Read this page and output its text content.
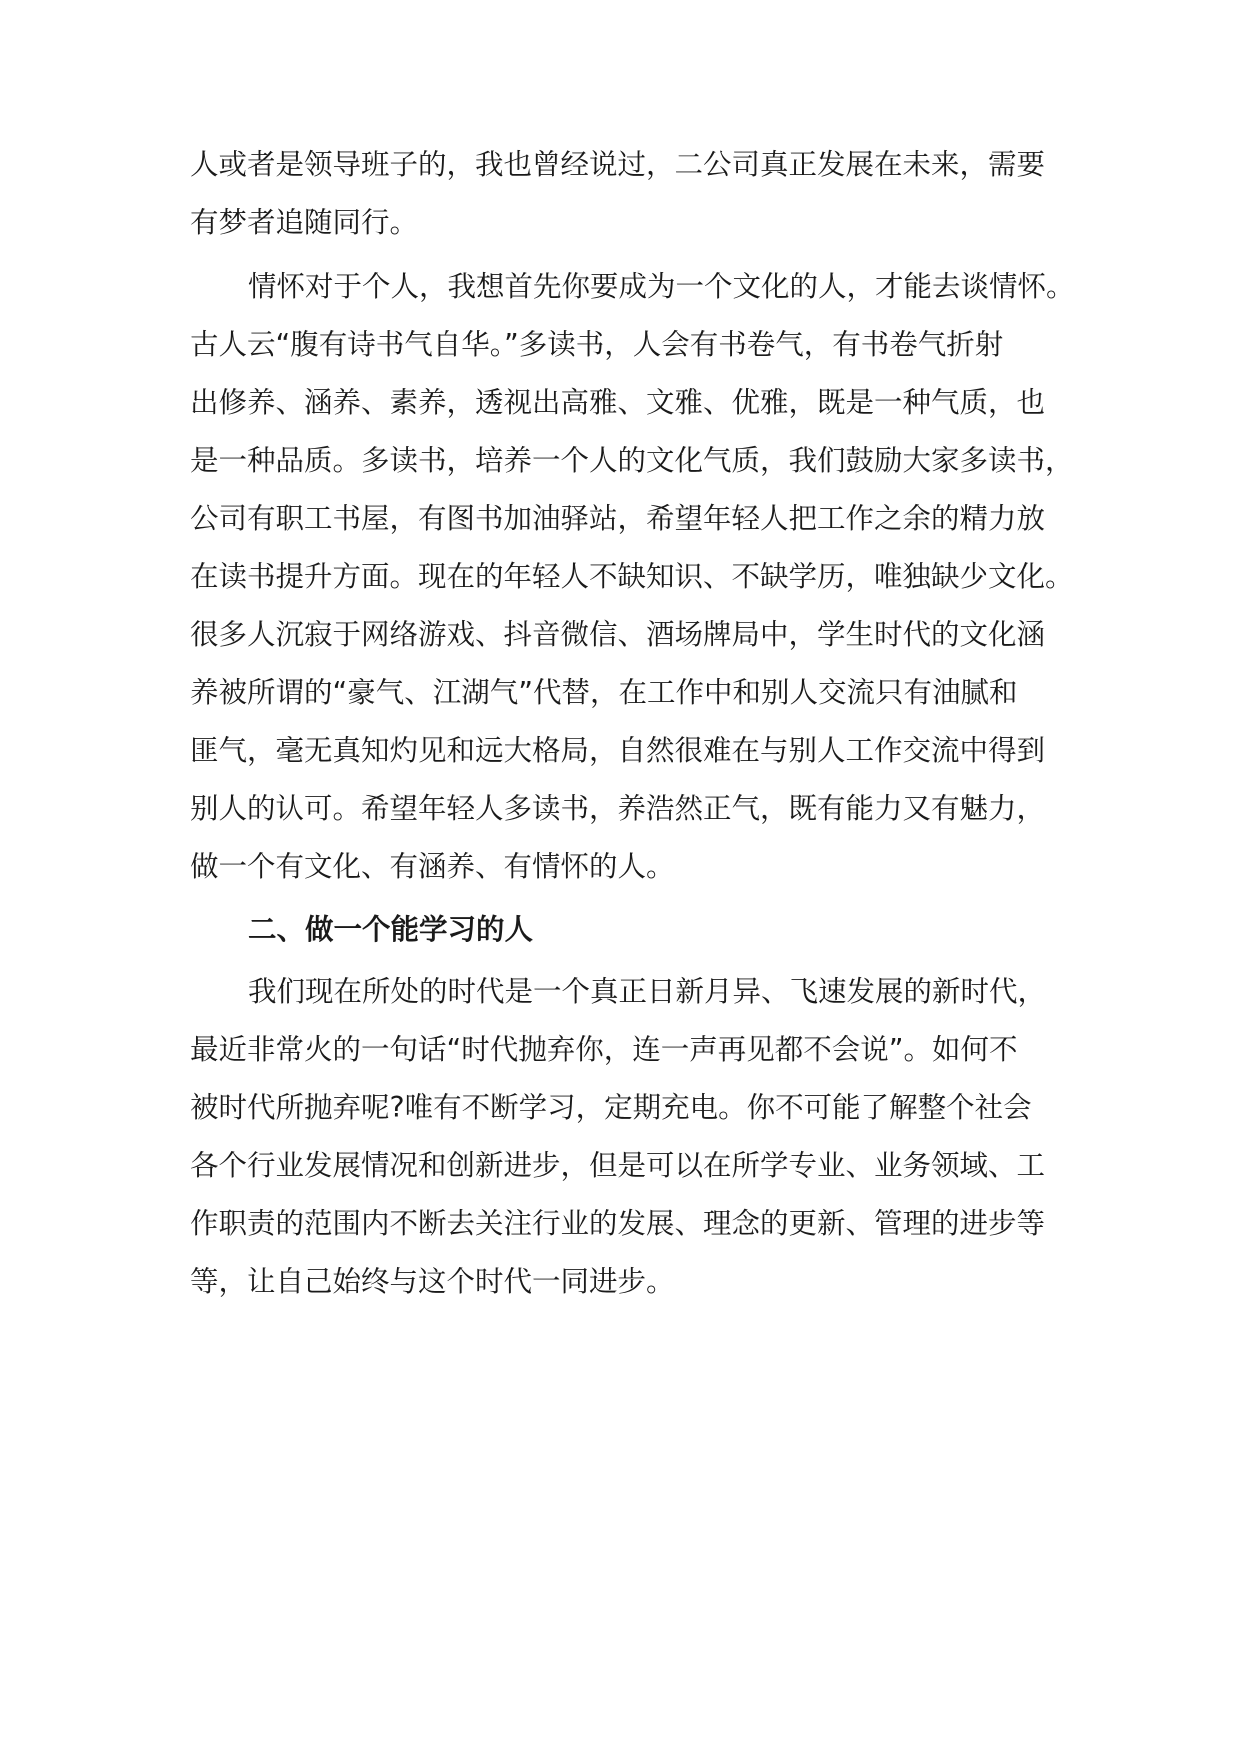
人或者是领导班子的，我也曾经说过，二公司真正发展在未来，需要
有梦者追随同行。
情怀对于个人，我想首先你要成为一个文化的人，才能去谈情怀。
古人云“腹有诗书气自华。”多读书，人会有书卷气，有书卷气折射
出修养、涵养、素养，透视出高雅、文雅、优雅，既是一种气质，也
是一种品质。多读书，培养一个人的文化气质，我们鼓励大家多读书，
公司有职工书屋，有图书加油驿站，希望年轻人把工作之余的精力放
在读书提升方面。现在的年轻人不缺知识、不缺学历，唯独缺少文化。
很多人沉寂于网络游戏、抖音微信、酒场牌局中，学生时代的文化涵
养被所谓的“豪气、江湖气”代替，在工作中和别人交流只有油腻和
匪气，毫无真知灼见和远大格局，自然很难在与别人工作交流中得到
别人的认可。希望年轻人多读书，养浩然正气，既有能力又有魅力，
做一个有文化、有涵养、有情怀的人。
二、做一个能学习的人
我们现在所处的时代是一个真正日新月异、飞速发展的新时代，
最近非常火的一句话“时代抛弃你，连一声再见都不会说”。如何不
被时代所抛弃呢?唯有不断学习，定期充电。你不可能了解整个社会
各个行业发展情况和创新进步，但是可以在所学专业、业务领域、工
作职责的范围内不断去关注行业的发展、理念的更新、管理的进步等
等，让自己始终与这个时代一同进步。
